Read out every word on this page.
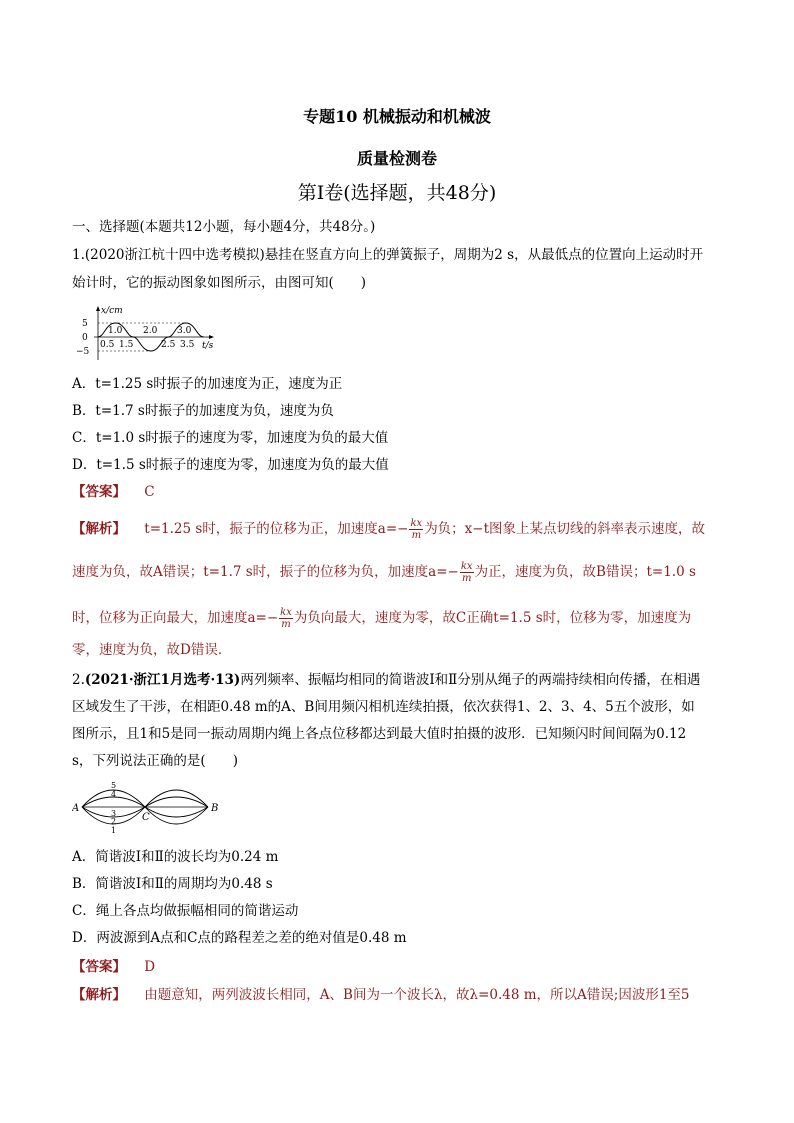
专题10 机械振动和机械波
质量检测卷
第Ⅰ卷(选择题，共48分)
一、选择题(本题共12小题，每小题4分，共48分。)
1.(2020浙江杭十四中选考模拟)悬挂在竖直方向上的弹簧振子，周期为2 s，从最低点的位置向上运动时开
始计时，它的振动图象如图所示，由图可知(　　)
x/cm
5
0
−5
1.0 2.0 3.0
0.5 1.5	2.5 3.5 t/s
A．t=1.25 s时振子的加速度为正，速度为正
B．t=1.7 s时振子的加速度为负，速度为负
C．t=1.0 s时振子的速度为零，加速度为负的最大值
D．t=1.5 s时振子的速度为零，加速度为负的最大值
【答案】 C
【解析】 t=1.25 s时，振子的位移为正，加速度$a=- \frac{kx}{m}$ 为负；x−t图象上某点切线的斜率表示速度，故
速度为负，故A错误；t=1.7 s时，振子的位移为负，加速度$a=- \frac{kx}{m}$ 为正，速度为负，故B错误；t=1.0 s
时，位移为正向最大，加速度$a=- \frac{kx}{m}$ 为负向最大，速度为零，故C正确t=1.5 s时，位移为零，加速度为
零，速度为负，故D错误．
2.(2021·浙江1月选考·13)两列频率、振幅均相同的简谐波Ⅰ和Ⅱ分别从绳子的两端持续相向传播，在相遇
区域发生了干涉，在相距0.48 m的A、B间用频闪相机连续拍摄，依次获得1、2、3、4、5五个波形，如
图所示，且1和5是同一振动周期内绳上各点位移都达到最大值时拍摄的波形．已知频闪时间间隔为0.12
s，下列说法正确的是(　　)
A
C
B
5
4
3
2
1
A．简谐波Ⅰ和Ⅱ的波长均为0.24 m
B．简谐波Ⅰ和Ⅱ的周期均为0.48 s
C．绳上各点均做振幅相同的简谐运动
D．两波源到A点和C点的路程差之差的绝对值是0.48 m
【答案】 D
【解析】 由题意知，两列波波长相同，A、B间为一个波长λ，故λ=0.48 m，所以A错误;因波形1至5
